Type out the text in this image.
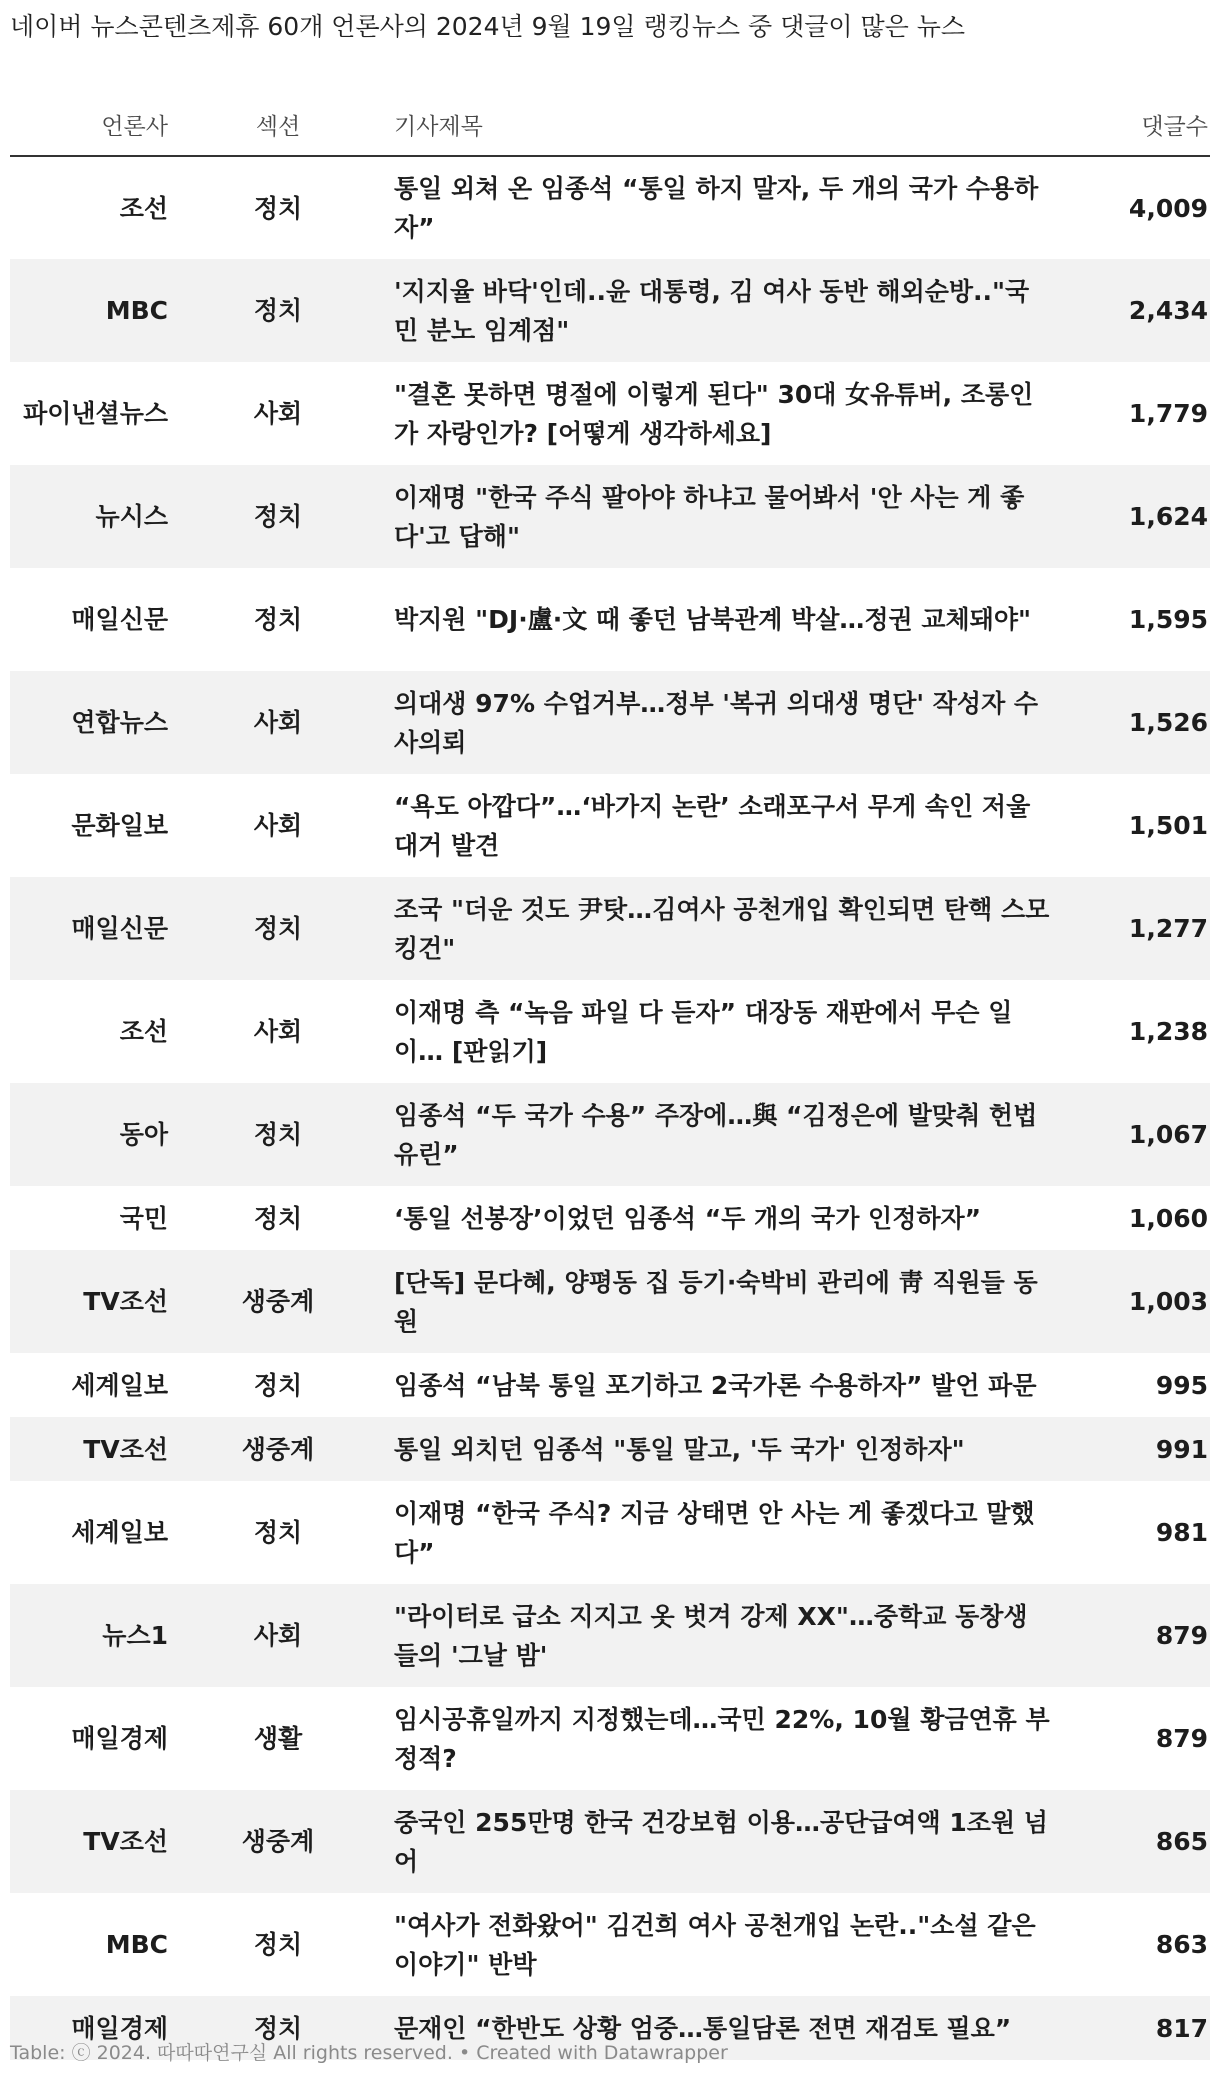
네이버 뉴스콘텐츠제휴 60개 언론사의 2024년 9월 19일 랭킹뉴스 중 댓글이 많은 뉴스
언론사	섹션	기사제목	댓글수
조선	정치	통일 외쳐 온 임종석 “통일 하지 말자, 두 개의 국가 수용하자”	4,009
MBC	정치	'지지율 바닥'인데..윤 대통령, 김 여사 동반 해외순방.."국민 분노 임계점"	2,434
파이낸셜뉴스	사회	"결혼 못하면 명절에 이렇게 된다" 30대 女유튜버, 조롱인가 자랑인가? [어떻게 생각하세요]	1,779
뉴시스	정치	이재명 "한국 주식 팔아야 하냐고 물어봐서 '안 사는 게 좋다'고 답해"	1,624
매일신문	정치	박지원 "DJ·盧·文 때 좋던 남북관계 박살…정권 교체돼야"	1,595
연합뉴스	사회	의대생 97% 수업거부…정부 '복귀 의대생 명단' 작성자 수사의뢰	1,526
문화일보	사회	“욕도 아깝다”…‘바가지 논란’ 소래포구서 무게 속인 저울 대거 발견	1,501
매일신문	정치	조국 "더운 것도 尹탓…김여사 공천개입 확인되면 탄핵 스모킹건"	1,277
조선	사회	이재명 측 “녹음 파일 다 듣자” 대장동 재판에서 무슨 일이… [판읽기]	1,238
동아	정치	임종석 “두 국가 수용” 주장에…與 “김정은에 발맞춰 헌법 유린”	1,067
국민	정치	‘통일 선봉장’이었던 임종석 “두 개의 국가 인정하자”	1,060
TV조선	생중계	[단독] 문다혜, 양평동 집 등기·숙박비 관리에 靑 직원들 동원	1,003
세계일보	정치	임종석 “남북 통일 포기하고 2국가론 수용하자” 발언 파문	995
TV조선	생중계	통일 외치던 임종석 "통일 말고, '두 국가' 인정하자"	991
세계일보	정치	이재명 “한국 주식? 지금 상태면 안 사는 게 좋겠다고 말했다”	981
뉴스1	사회	"라이터로 급소 지지고 옷 벗겨 강제 XX"…중학교 동창생들의 '그날 밤'	879
매일경제	생활	임시공휴일까지 지정했는데…국민 22%, 10월 황금연휴 부정적?	879
TV조선	생중계	중국인 255만명 한국 건강보험 이용…공단급여액 1조원 넘어	865
MBC	정치	"여사가 전화왔어" 김건희 여사 공천개입 논란.."소설 같은 이야기" 반박	863
매일경제	정치	문재인 “한반도 상황 엄중…통일담론 전면 재검토 필요”	817
Table: ⓒ 2024. 따따따연구실 All rights reserved. • Created with Datawrapper
